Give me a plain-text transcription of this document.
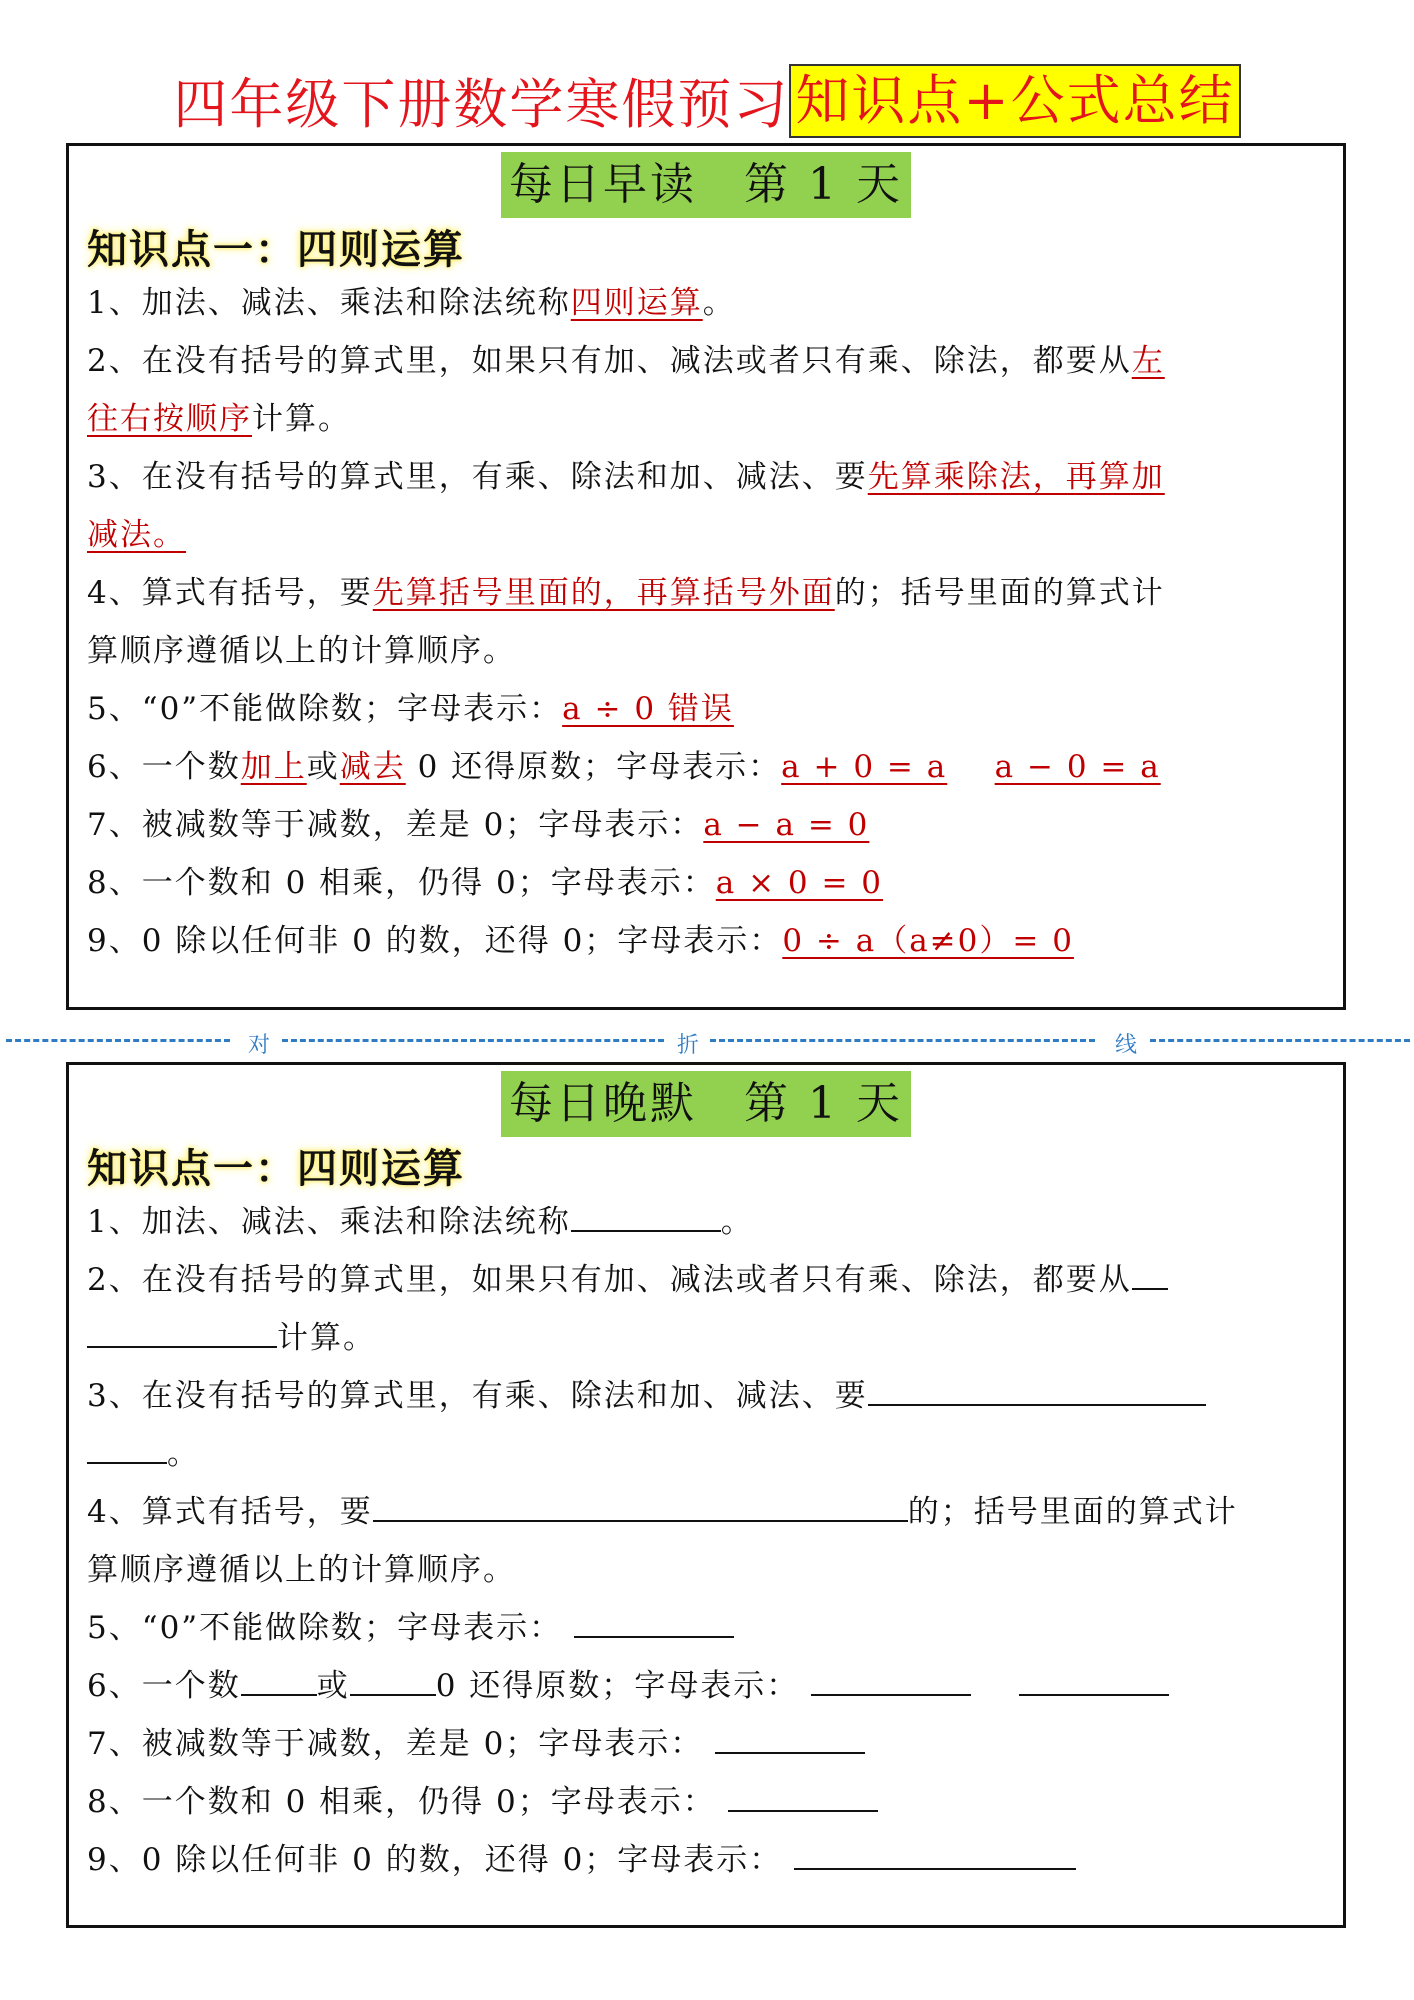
四年级下册数学寒假预习 知识点+公式总结
每日早读　第 1 天
知识点一：四则运算
1、加法、减法、乘法和除法统称四则运算。
2、在没有括号的算式里，如果只有加、减法或者只有乘、除法，都要从左
往右按顺序计算。
3、在没有括号的算式里，有乘、除法和加、减法、要先算乘除法，再算加
减法。
4、算式有括号，要先算括号里面的，再算括号外面的；括号里面的算式计
算顺序遵循以上的计算顺序。
5、“0”不能做除数；字母表示：a ÷ 0 错误
6、一个数加上或减去 0 还得原数；字母表示：a + 0 = a a − 0 = a
7、被减数等于减数，差是 0；字母表示：a − a = 0
8、一个数和 0 相乘，仍得 0；字母表示：a × 0 = 0
9、0 除以任何非 0 的数，还得 0；字母表示：0 ÷ a（a≠0）= 0
对	折	线
每日晚默　第 1 天
知识点一：四则运算
1、加法、减法、乘法和除法统称	。
2、在没有括号的算式里，如果只有加、减法或者只有乘、除法，都要从
计算。
3、在没有括号的算式里，有乘、除法和加、减法、要
。
4、算式有括号，要	的；括号里面的算式计
算顺序遵循以上的计算顺序。
5、“0”不能做除数；字母表示：
6、一个数 或	0 还得原数；字母表示：
7、被减数等于减数，差是 0；字母表示：
8、一个数和 0 相乘，仍得 0；字母表示：
9、0 除以任何非 0 的数，还得 0；字母表示：
